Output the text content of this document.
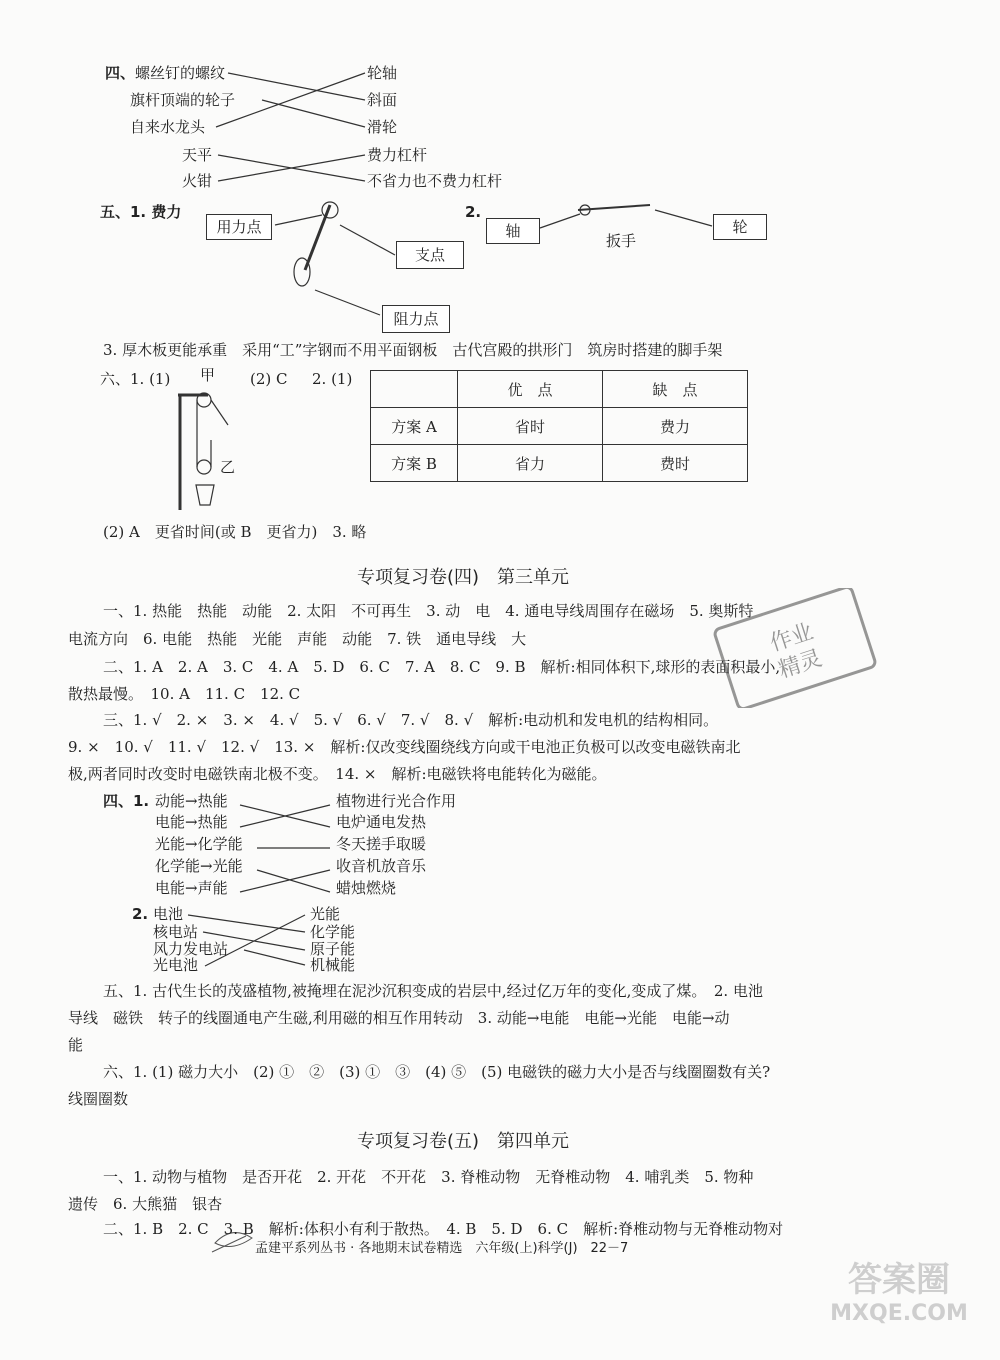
四、 螺丝钉的螺纹
旗杆顶端的轮子
自来水龙头
天平
火钳
轮轴
斜面
滑轮
费力杠杆
不省力也不费力杠杆
五、1. 费力
用力点
支点
阻力点
2.
轴	轮
扳手
3. 厚木板更能承重　采用“工”字钢而不用平面钢板　古代宫殿的拱形门　筑房时搭建的脚手架
六、1. (1) 甲 (2) C 2. (1)
乙
	优　点	缺　点
方案 A	省时	费力
方案 B	省力	费时
(2) A　更省时间(或 B　更省力)　3. 略
专项复习卷(四)　第三单元
一、1. 热能　热能　动能　2. 太阳　不可再生　3. 动　电　4. 通电导线周围存在磁场　5. 奥斯特
电流方向　6. 电能　热能　光能　声能　动能　7. 铁　通电导线　大
二、1. A　2. A　3. C　4. A　5. D　6. C　7. A　8. C　9. B　解析:相同体积下,球形的表面积最小,
散热最慢。　10. A　11. C　12. C
三、1. √　2. ×　3. ×　4. √　5. √　6. √　7. √　8. √　解析:电动机和发电机的结构相同。
9. ×　10. √　11. √　12. √　13. ×　解析:仅改变线圈绕线方向或干电池正负极可以改变电磁铁南北
极,两者同时改变时电磁铁南北极不变。　14. ×　解析:电磁铁将电能转化为磁能。
四、1. 动能→热能
电能→热能
光能→化学能
化学能→光能
电能→声能
植物进行光合作用
电炉通电发热
冬天搓手取暖
收音机放音乐
蜡烛燃烧
2. 电池
核电站
风力发电站
光电池
光能
化学能
原子能
机械能
五、1. 古代生长的茂盛植物,被掩埋在泥沙沉积变成的岩层中,经过亿万年的变化,变成了煤。　2. 电池
导线　磁铁　转子的线圈通电产生磁,利用磁的相互作用转动　3. 动能→电能　电能→光能　电能→动
能
六、1. (1) 磁力大小　(2) ①　②　(3) ①　③　(4) ⑤　(5) 电磁铁的磁力大小是否与线圈圈数有关?
线圈圈数
专项复习卷(五)　第四单元
一、1. 动物与植物　是否开花　2. 开花　不开花　3. 脊椎动物　无脊椎动物　4. 哺乳类　5. 物种
遗传　6. 大熊猫　银杏
二、1. B　2. C　3. B　解析:体积小有利于散热。　4. B　5. D　6. C　解析:脊椎动物与无脊椎动物对
作业
精灵
孟建平系列丛书 · 各地期末试卷精选　六年级(上)科学(J)　22－7
答案圈
MXQE.COM
